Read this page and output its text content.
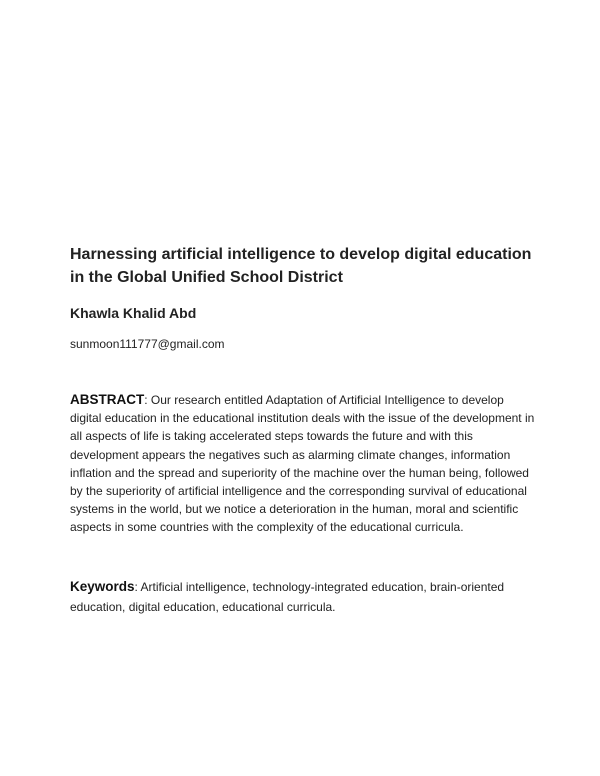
Harnessing artificial intelligence to develop digital education
in the Global Unified School District

Khawla Khalid Abd

sunmoon111777@gmail.com

ABSTRACT: Our research entitled Adaptation of Artificial Intelligence to develop digital education in the educational institution deals with the issue of the development in all aspects of life is taking accelerated steps towards the future and with this development appears the negatives such as alarming climate changes, information inflation and the spread and superiority of the machine over the human being, followed by the superiority of artificial intelligence and the corresponding survival of educational systems in the world, but we notice a deterioration in the human, moral and scientific aspects in some countries with the complexity of the educational curricula.

Keywords: Artificial intelligence, technology-integrated education, brain-oriented education, digital education, educational curricula.
